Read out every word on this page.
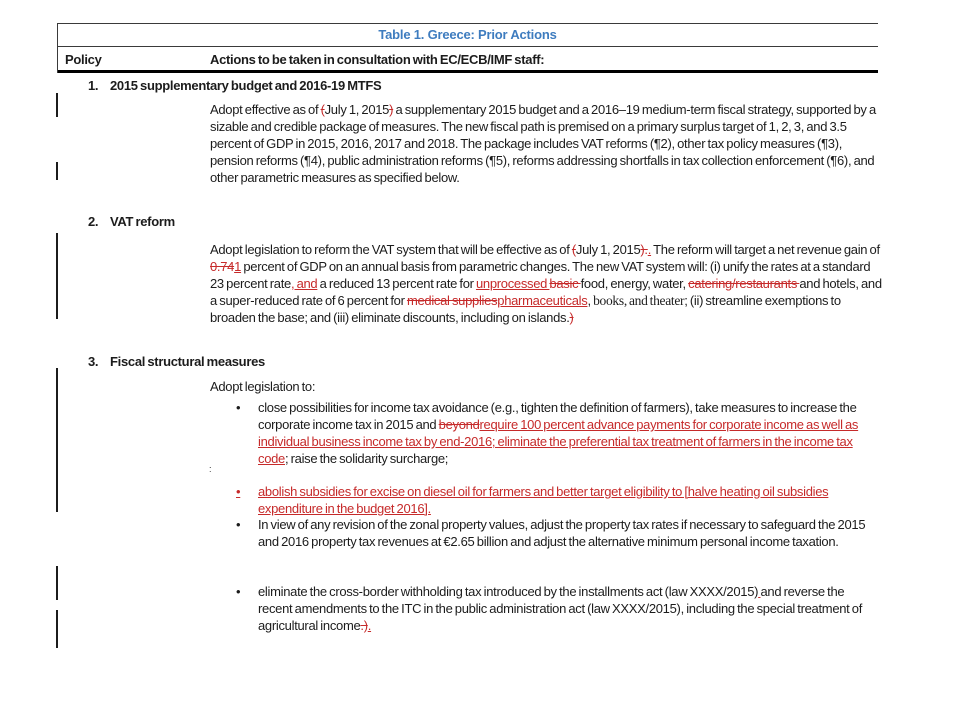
Table 1. Greece: Prior Actions
Policy	Actions to be taken in consultation with EC/ECB/IMF staff:
1. 2015 supplementary budget and 2016-19 MTFS
Adopt effective as of (July 1, 2015) a supplementary 2015 budget and a 2016–19 medium-term fiscal strategy, supported by a sizable and credible package of measures. The new fiscal path is premised on a primary surplus target of 1, 2, 3, and 3.5 percent of GDP in 2015, 2016, 2017 and 2018. The package includes VAT reforms (¶2), other tax policy measures (¶3), pension reforms (¶4), public administration reforms (¶5), reforms addressing shortfalls in tax collection enforcement (¶6), and other parametric measures as specified below.
2. VAT reform
Adopt legislation to reform the VAT system that will be effective as of (July 1, 2015).. The reform will target a net revenue gain of 0.741 percent of GDP on an annual basis from parametric changes. The new VAT system will: (i) unify the rates at a standard 23 percent rate, and a reduced 13 percent rate for unprocessed basic food, energy, water, catering/restaurants and hotels, and a super-reduced rate of 6 percent for medical suppliespharmaceuticals, books, and theater; (ii) streamline exemptions to broaden the base; and (iii) eliminate discounts, including on islands.)
3. Fiscal structural measures
Adopt legislation to:
• close possibilities for income tax avoidance (e.g., tighten the definition of farmers), take measures to increase the corporate income tax in 2015 and beyondrequire 100 percent advance payments for corporate income as well as individual business income tax by end-2016; eliminate the preferential tax treatment of farmers in the income tax code; raise the solidarity surcharge;
:
• abolish subsidies for excise on diesel oil for farmers and better target eligibility to [halve heating oil subsidies expenditure in the budget 2016].
• In view of any revision of the zonal property values, adjust the property tax rates if necessary to safeguard the 2015 and 2016 property tax revenues at €2.65 billion and adjust the alternative minimum personal income taxation.
• eliminate the cross-border withholding tax introduced by the installments act (law XXXX/2015) and reverse the recent amendments to the ITC in the public administration act (law XXXX/2015), including the special treatment of agricultural income.).
